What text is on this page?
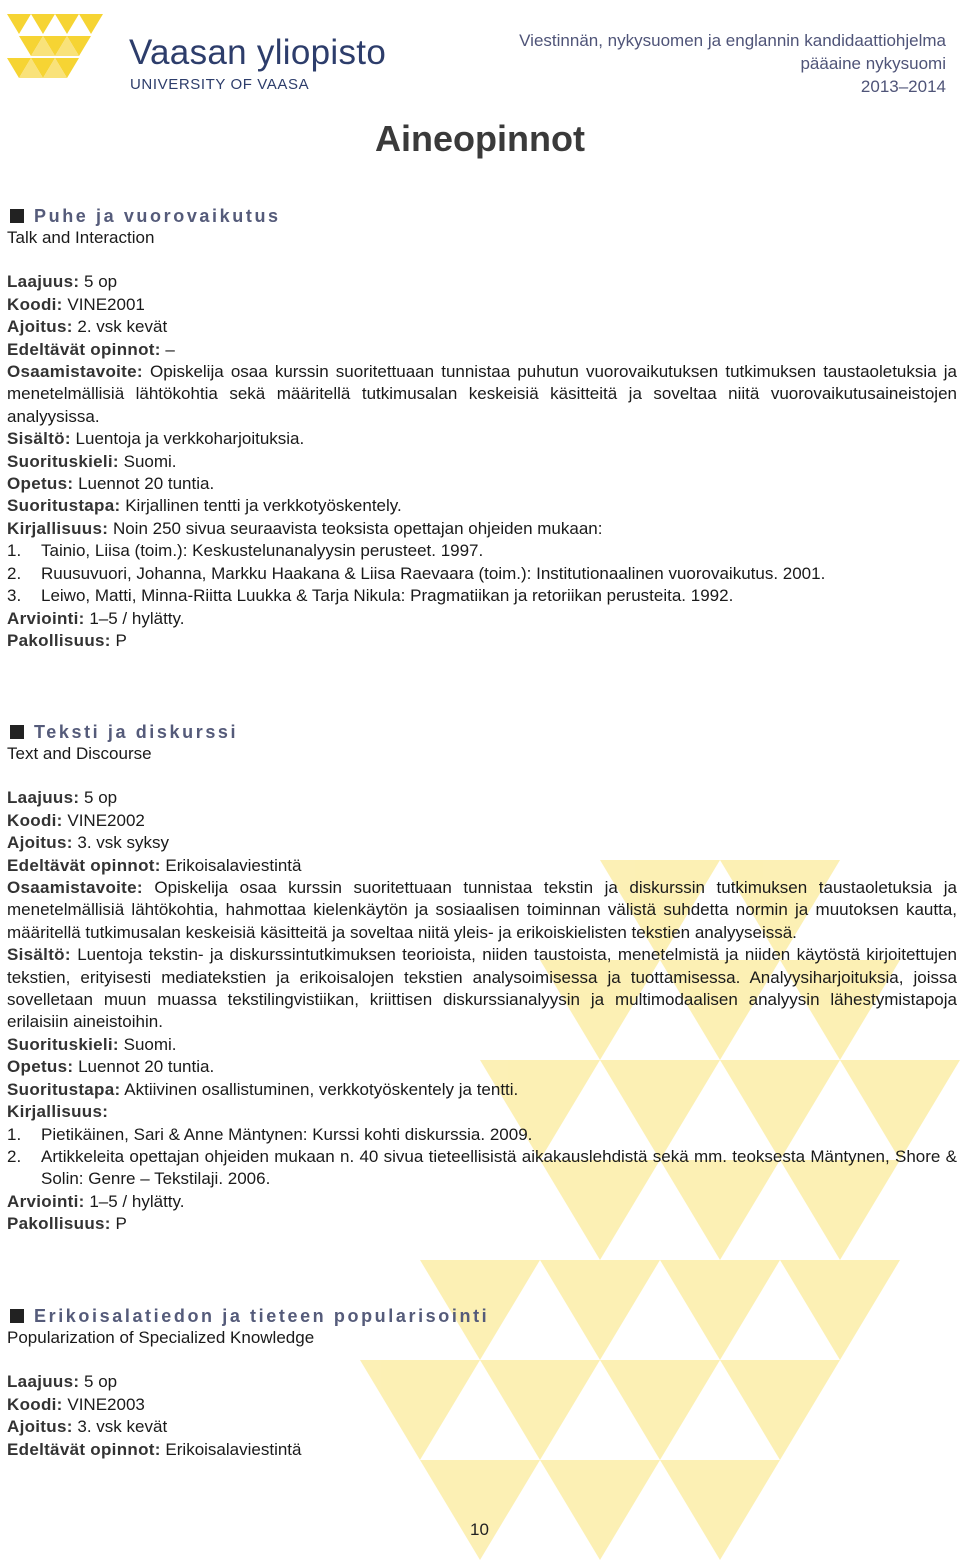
Vaasan yliopisto
UNIVERSITY OF VAASA
Viestinnän, nykysuomen ja englannin kandidaattiohjelma
pääaine nykysuomi
2013–2014
Aineopinnot
Puhe ja vuorovaikutus
Talk and Interaction
Laajuus: 5 op
Koodi: VINE2001
Ajoitus: 2. vsk kevät
Edeltävät opinnot: –
Osaamistavoite: Opiskelija osaa kurssin suoritettuaan tunnistaa puhutun vuorovaikutuksen tutkimuksen taustaoletuksia ja menetelmällisiä lähtökohtia sekä määritellä tutkimusalan keskeisiä käsitteitä ja soveltaa niitä vuorovaikutusaineistojen analyysissa.
Sisältö: Luentoja ja verkkoharjoituksia.
Suorituskieli: Suomi.
Opetus: Luennot 20 tuntia.
Suoritustapa: Kirjallinen tentti ja verkkotyöskentely.
Kirjallisuus: Noin 250 sivua seuraavista teoksista opettajan ohjeiden mukaan:
1.	Tainio, Liisa (toim.): Keskustelunanalyysin perusteet. 1997.
2.	Ruusuvuori, Johanna, Markku Haakana & Liisa Raevaara (toim.): Institutionaalinen vuorovaikutus. 2001.
3.	Leiwo, Matti, Minna-Riitta Luukka & Tarja Nikula: Pragmatiikan ja retoriikan perusteita. 1992.
Arviointi: 1–5 / hylätty.
Pakollisuus: P
Teksti ja diskurssi
Text and Discourse
Laajuus: 5 op
Koodi: VINE2002
Ajoitus: 3. vsk syksy
Edeltävät opinnot: Erikoisalaviestintä
Osaamistavoite: Opiskelija osaa kurssin suoritettuaan tunnistaa tekstin ja diskurssin tutkimuksen taustaoletuksia ja menetelmällisiä lähtökohtia, hahmottaa kielenkäytön ja sosiaalisen toiminnan välistä suhdetta normin ja muutoksen kautta, määritellä tutkimusalan keskeisiä käsitteitä ja soveltaa niitä yleis- ja erikoiskielisten tekstien analyyseissä.
Sisältö: Luentoja tekstin- ja diskurssintutkimuksen teorioista, niiden taustoista, menetelmistä ja niiden käytöstä kirjoitettujen tekstien, erityisesti mediatekstien ja erikoisalojen tekstien analysoimisessa ja tuottamisessa. Analyysiharjoituksia, joissa sovelletaan muun muassa tekstilingvistiikan, kriittisen diskurssianalyysin ja multimodaalisen analyysin lähestymistapoja erilaisiin aineistoihin.
Suorituskieli: Suomi.
Opetus: Luennot 20 tuntia.
Suoritustapa: Aktiivinen osallistuminen, verkkotyöskentely ja tentti.
Kirjallisuus:
1.	Pietikäinen, Sari & Anne Mäntynen: Kurssi kohti diskurssia. 2009.
2.	Artikkeleita opettajan ohjeiden mukaan n. 40 sivua tieteellisistä aikakauslehdistä sekä mm. teoksesta Mäntynen, Shore & Solin: Genre – Tekstilaji. 2006.
Arviointi: 1–5 / hylätty.
Pakollisuus: P
Erikoisalatiedon ja tieteen popularisointi
Popularization of Specialized Knowledge
Laajuus: 5 op
Koodi: VINE2003
Ajoitus: 3. vsk kevät
Edeltävät opinnot: Erikoisalaviestintä
10
